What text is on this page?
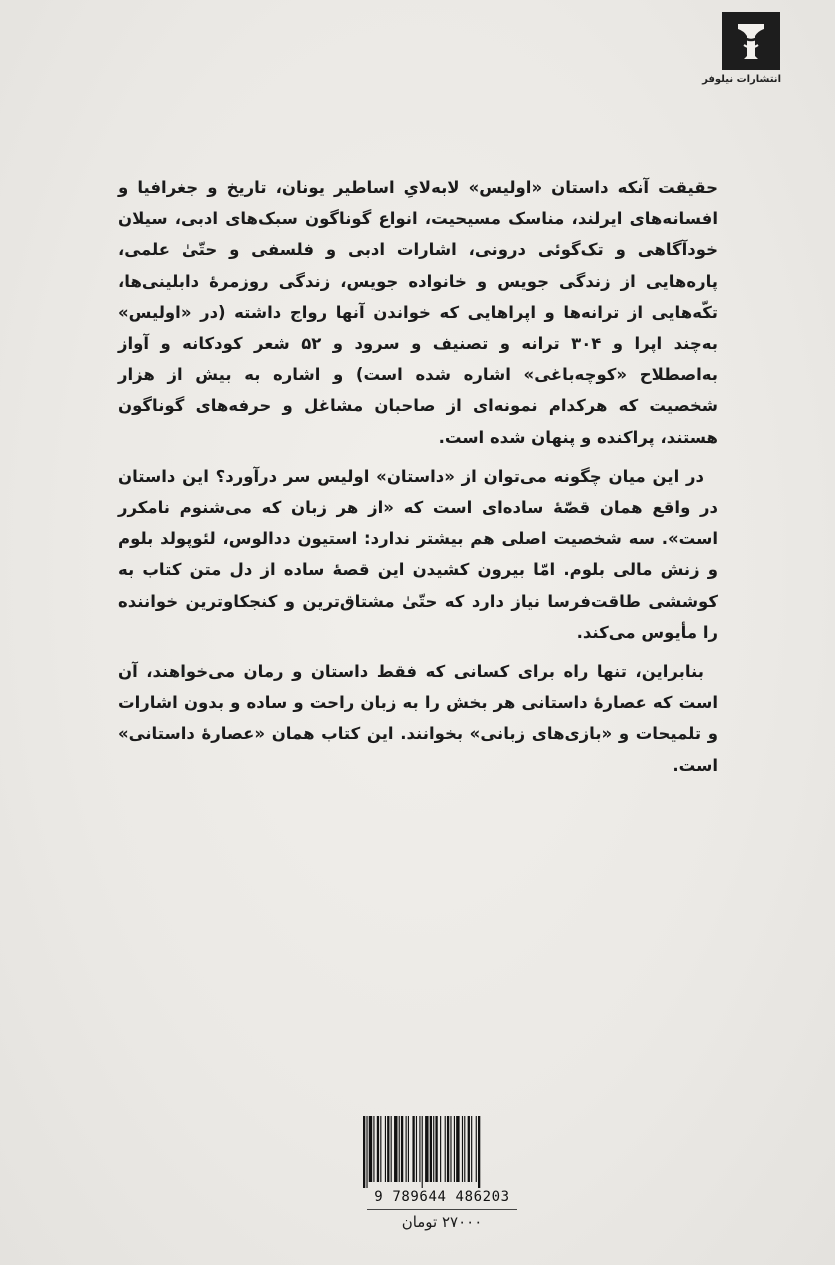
انتشارات نیلوفر

حقیقت آنکه داستان «اولیس» لابه‌لایِ اساطیر یونان، تاریخ و جغرافیا و افسانه‌های ایرلند، مناسک مسیحیت، انواع گوناگون سبک‌های ادبی، سیلان خودآگاهی و تک‌گوئی درونی، اشارات ادبی و فلسفی و حتّیٰ علمی، پاره‌هایی از زندگی جویس و خانواده جویس، زندگی روزمرهٔ دابلینی‌ها، تکّه‌هایی از ترانه‌ها و اپراهایی که خواندن آنها رواج داشته (در «اولیس» به‌چند اپرا و ۳۰۴ ترانه و تصنیف و سرود و ۵۲ شعر کودکانه و آواز به‌اصطلاح «کوچه‌باغی» اشاره شده است) و اشاره به بیش از هزار شخصیت که هرکدام نمونه‌ای از صاحبان مشاغل و حرفه‌های گوناگون هستند، پراکنده و پنهان شده است.

در این میان چگونه می‌توان از «داستان» اولیس سر درآورد؟ این داستان در واقع همان قصّهٔ ساده‌ای است که «از هر زبان که می‌شنوم نامکرر است». سه شخصیت اصلی هم بیشتر ندارد: استیون ددالوس، لئوپولد بلوم و زنش مالی بلوم. امّا بیرون کشیدن این قصهٔ ساده از دل متن کتاب به کوششی طاقت‌فرسا نیاز دارد که حتّیٰ مشتاق‌ترین و کنجکاوترین خواننده را مأیوس می‌کند.

بنابراین، تنها راه برای کسانی که فقط داستان و رمان می‌خواهند، آن است که عصارهٔ داستانی هر بخش را به زبان راحت و ساده و بدون اشارات و تلمیحات و «بازی‌های زبانی» بخوانند. این کتاب همان «عصارهٔ داستانی» است.

9 789644 486203
۲۷۰۰۰ تومان
